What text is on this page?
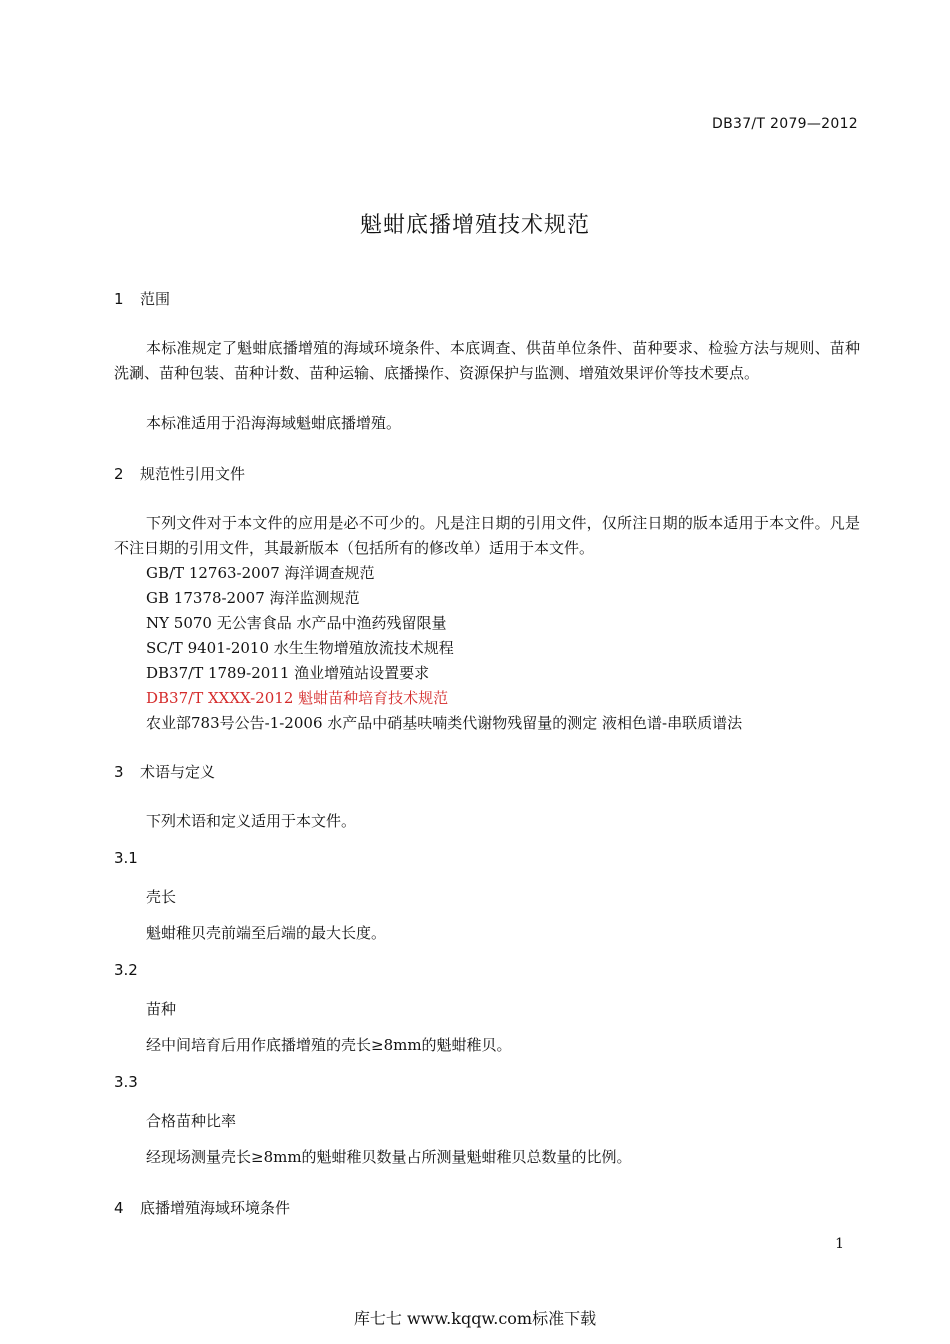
DB37/T 2079—2012
魁蚶底播增殖技术规范
1 范围
本标准规定了魁蚶底播增殖的海域环境条件、本底调查、供苗单位条件、苗种要求、检验方法与规则、苗种洗涮、苗种包装、苗种计数、苗种运输、底播操作、资源保护与监测、增殖效果评价等技术要点。
本标准适用于沿海海域魁蚶底播增殖。
2 规范性引用文件
下列文件对于本文件的应用是必不可少的。凡是注日期的引用文件，仅所注日期的版本适用于本文件。凡是不注日期的引用文件，其最新版本（包括所有的修改单）适用于本文件。
GB/T 12763-2007 海洋调查规范
GB 17378-2007 海洋监测规范
NY 5070 无公害食品 水产品中渔药残留限量
SC/T 9401-2010 水生生物增殖放流技术规程
DB37/T 1789-2011 渔业增殖站设置要求
DB37/T XXXX-2012 魁蚶苗种培育技术规范
农业部783号公告-1-2006 水产品中硝基呋喃类代谢物残留量的测定 液相色谱-串联质谱法
3 术语与定义
下列术语和定义适用于本文件。
3.1
壳长
魁蚶稚贝壳前端至后端的最大长度。
3.2
苗种
经中间培育后用作底播增殖的壳长≥8mm的魁蚶稚贝。
3.3
合格苗种比率
经现场测量壳长≥8mm的魁蚶稚贝数量占所测量魁蚶稚贝总数量的比例。
4 底播增殖海域环境条件
1
库七七 www.kqqw.com标准下载
